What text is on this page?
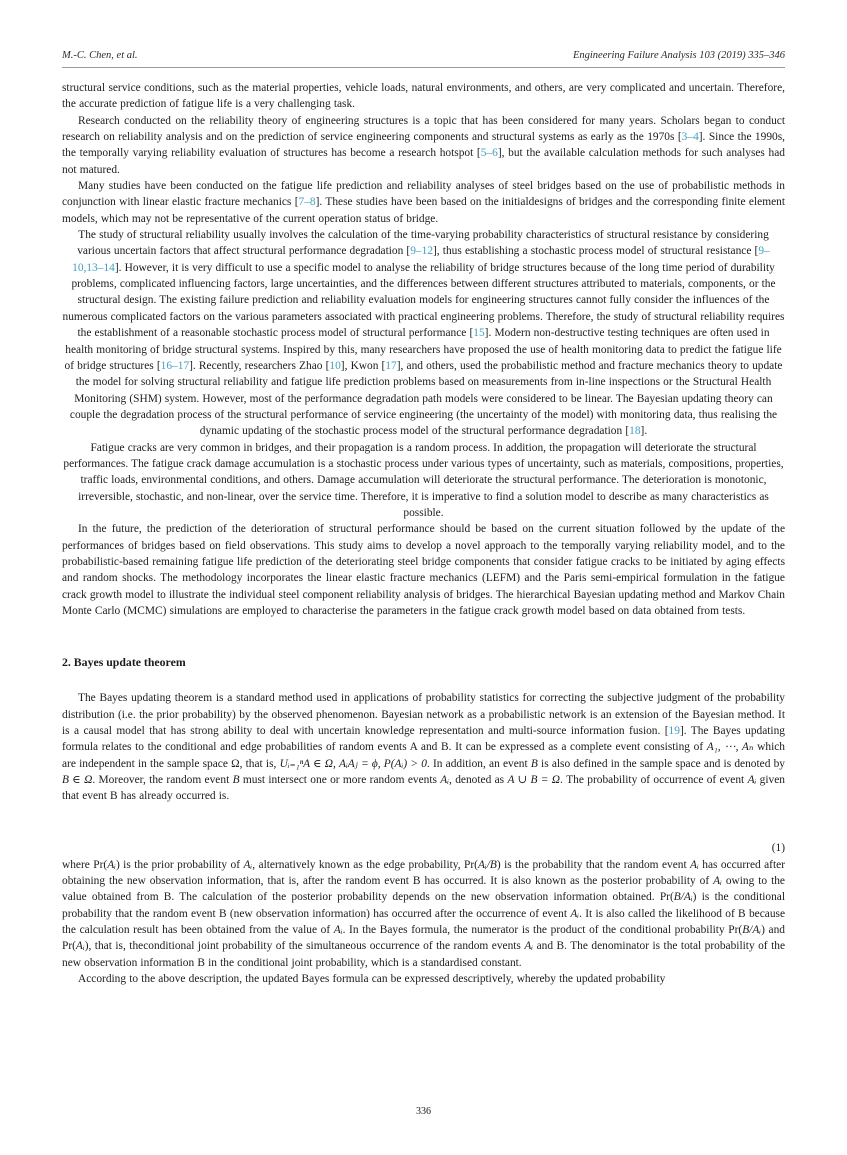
M.-C. Chen, et al.	Engineering Failure Analysis 103 (2019) 335–346

structural service conditions, such as the material properties, vehicle loads, natural environments, and others, are very complicated and uncertain. Therefore, the accurate prediction of fatigue life is a very challenging task.

Research conducted on the reliability theory of engineering structures is a topic that has been considered for many years. Scholars began to conduct research on reliability analysis and on the prediction of service engineering components and structural systems as early as the 1970s [3–4]. Since the 1990s, the temporally varying reliability evaluation of structures has become a research hotspot [5–6], but the available calculation methods for such analyses had not matured.

Many studies have been conducted on the fatigue life prediction and reliability analyses of steel bridges based on the use of probabilistic methods in conjunction with linear elastic fracture mechanics [7–8]. These studies have been based on the initialdesigns of bridges and the corresponding finite element models, which may not be representative of the current operation status of bridge.

The study of structural reliability usually involves the calculation of the time-varying probability characteristics of structural resistance by considering various uncertain factors that affect structural performance degradation [9–12], thus establishing a stochastic process model of structural resistance [9–10,13–14]. However, it is very difficult to use a specific model to analyse the reliability of bridge structures because of the long time period of durability problems, complicated influencing factors, large uncertainties, and the differences between different structures attributed to materials, components, or the structural design. The existing failure prediction and reliability evaluation models for engineering structures cannot fully consider the influences of the numerous complicated factors on the various parameters associated with practical engineering problems. Therefore, the study of structural reliability requires the establishment of a reasonable stochastic process model of structural performance [15]. Modern non-destructive testing techniques are often used in health monitoring of bridge structural systems. Inspired by this, many researchers have proposed the use of health monitoring data to predict the fatigue life of bridge structures [16–17]. Recently, researchers Zhao [10], Kwon [17], and others, used the probabilistic method and fracture mechanics theory to update the model for solving structural reliability and fatigue life prediction problems based on measurements from in-line inspections or the Structural Health Monitoring (SHM) system. However, most of the performance degradation path models were considered to be linear. The Bayesian updating theory can couple the degradation process of the structural performance of service engineering (the uncertainty of the model) with monitoring data, thus realising the dynamic updating of the stochastic process model of the structural performance degradation [18].

Fatigue cracks are very common in bridges, and their propagation is a random process. In addition, the propagation will deteriorate the structural performances. The fatigue crack damage accumulation is a stochastic process under various types of uncertainty, such as materials, compositions, properties, traffic loads, environmental conditions, and others. Damage accumulation will deteriorate the structural performance. The deterioration is monotonic, irreversible, stochastic, and non-linear, over the service time. Therefore, it is imperative to find a solution model to describe as many characteristics as possible.

In the future, the prediction of the deterioration of structural performance should be based on the current situation followed by the update of the performances of bridges based on field observations. This study aims to develop a novel approach to the temporally varying reliability model, and to the probabilistic-based remaining fatigue life prediction of the deteriorating steel bridge components that consider fatigue cracks to be initiated by aging effects and random shocks. The methodology incorporates the linear elastic fracture mechanics (LEFM) and the Paris semi-empirical formulation in the fatigue crack growth model to illustrate the individual steel component reliability analysis of bridges. The hierarchical Bayesian updating method and Markov Chain Monte Carlo (MCMC) simulations are employed to characterise the parameters in the fatigue crack growth model based on data obtained from tests.

2. Bayes update theorem

The Bayes updating theorem is a standard method used in applications of probability statistics for correcting the subjective judgment of the probability distribution (i.e. the prior probability) by the observed phenomenon. Bayesian network as a probabilistic network is an extension of the Bayesian method. It is a causal model that has strong ability to deal with uncertain knowledge representation and multi-source information fusion. [19]. The Bayes updating formula relates to the conditional and edge probabilities of random events A and B. It can be expressed as a complete event consisting of A₁, ⋯, Aₙ which are independent in the sample space Ω, that is, Uᵢ₌₁ⁿA ∈ Ω, AᵢAⱼ = ϕ, P(Aᵢ) > 0. In addition, an event B is also defined in the sample space and is denoted by B ∈ Ω. Moreover, the random event B must intersect one or more random events Aᵢ, denoted as A ∪ B = Ω. The probability of occurrence of event Aᵢ given that event B has already occurred is.

(1)

where Pr(Aᵢ) is the prior probability of Aᵢ, alternatively known as the edge probability, Pr(Aᵢ/B) is the probability that the random event Aᵢ has occurred after obtaining the new observation information, that is, after the random event B has occurred. It is also known as the posterior probability of Aᵢ owing to the value obtained from B. The calculation of the posterior probability depends on the new observation information obtained. Pr(B/Aᵢ) is the conditional probability that the random event B (new observation information) has occurred after the occurrence of event Aᵢ. It is also called the likelihood of B because the calculation result has been obtained from the value of Aᵢ. In the Bayes formula, the numerator is the product of the conditional probability Pr(B/Aᵢ) and Pr(Aᵢ), that is, theconditional joint probability of the simultaneous occurrence of the random events Aᵢ and B. The denominator is the total probability of the new observation information B in the conditional joint probability, which is a standardised constant.

According to the above description, the updated Bayes formula can be expressed descriptively, whereby the updated probability

336
